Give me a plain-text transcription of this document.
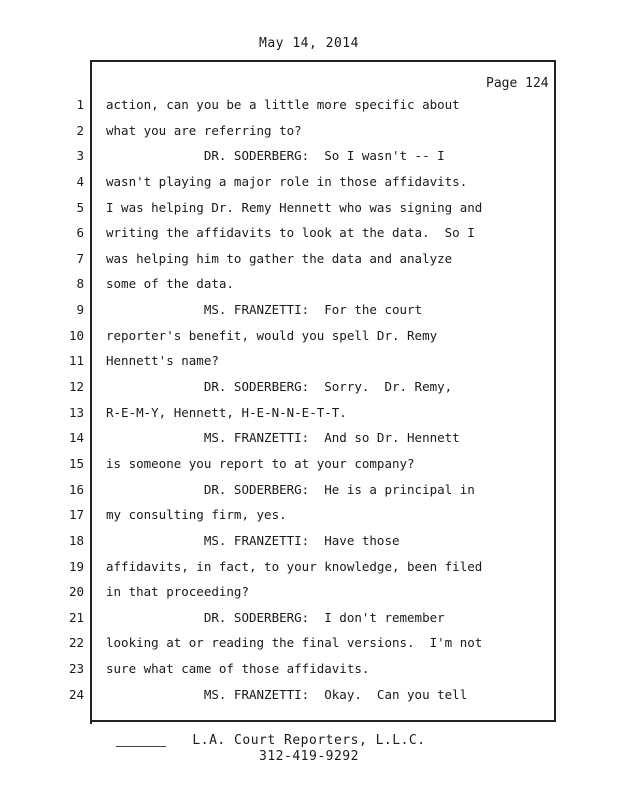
May 14, 2014
Page 124
1
2
3
4
5
6
7
8
9
10
11
12
13
14
15
16
17
18
19
20
21
22
23
24
action, can you be a little more specific about
what you are referring to?
DR. SODERBERG:  So I wasn't -- I
wasn't playing a major role in those affidavits.
I was helping Dr. Remy Hennett who was signing and
writing the affidavits to look at the data.  So I
was helping him to gather the data and analyze
some of the data.
MS. FRANZETTI:  For the court
reporter's benefit, would you spell Dr. Remy
Hennett's name?
DR. SODERBERG:  Sorry.  Dr. Remy,
R-E-M-Y, Hennett, H-E-N-N-E-T-T.
MS. FRANZETTI:  And so Dr. Hennett
is someone you report to at your company?
DR. SODERBERG:  He is a principal in
my consulting firm, yes.
MS. FRANZETTI:  Have those
affidavits, in fact, to your knowledge, been filed
in that proceeding?
DR. SODERBERG:  I don't remember
looking at or reading the final versions.  I'm not
sure what came of those affidavits.
MS. FRANZETTI:  Okay.  Can you tell
L.A. Court Reporters, L.L.C.
312-419-9292
